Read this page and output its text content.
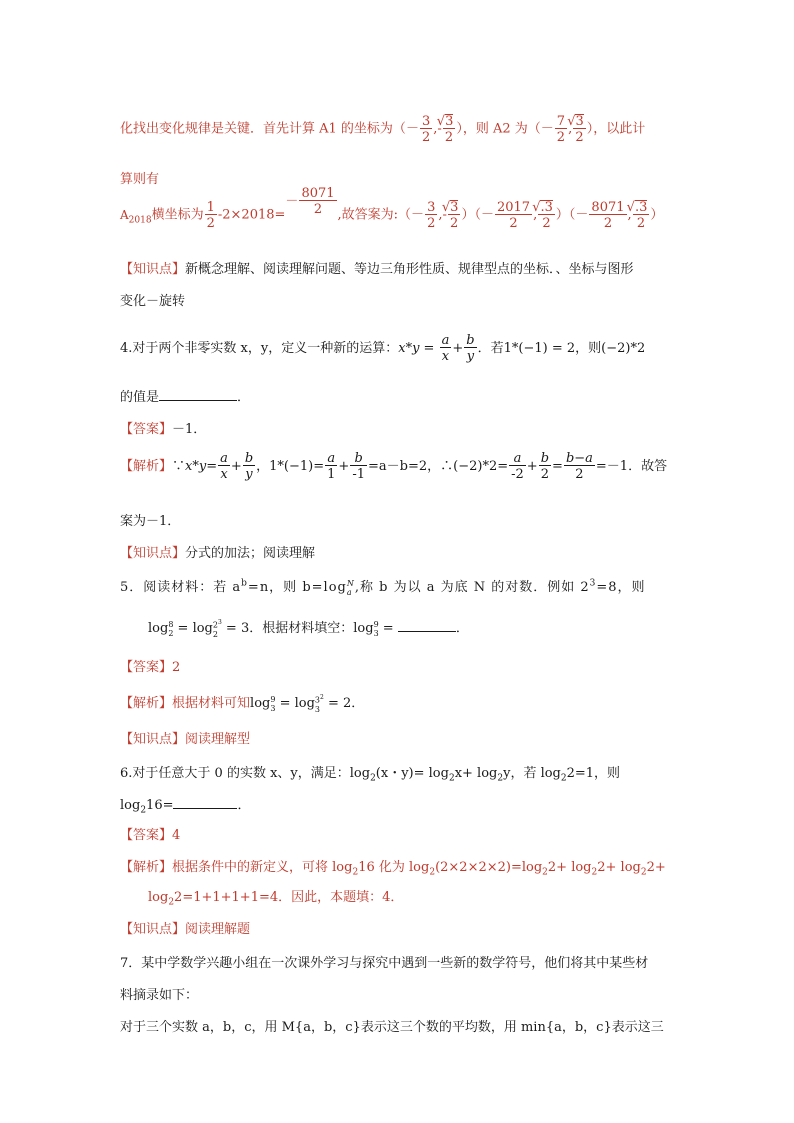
化找出变化规律是关键．首先计算 A1 的坐标为（－ $\frac{3}{2}$ ,- √ $\frac{3}{2}$ ），则 A2 为（－ $\frac{7}{2}$ , √ $\frac{3}{2}$ ），以此计
算则有
$A_{2018}$横坐标为 $\frac{1}{2} -2\times 2018=- \frac{8071}{2}$ ,故答案为:（－ $\frac{3}{2}$ ,- √ $\frac{3}{2}$ ）（－ $\frac{2017}{2}$ , √ $\frac{.3}{2}$ ）（－ $\frac{8071}{2}$ , √ $\frac{.3}{2}$ ）
【知识点】新概念理解、阅读理解问题、等边三角形性质、规律型点的坐标．、坐标与图形
变化－旋转
4.对于两个非零实数 x，y，定义一种新的运算：$x*y = \frac{a}{x} + \frac{b}{y}$ ．若1*(−1) = 2，则(−2)*2
的值是	．
【答案】－1．
【解析】∵x*y= $\frac{a}{x} + \frac{b}{y}$ ，$1*(-1)= \frac{a}{1} + \frac{b}{-1} =a-b=2$，∴(−2)*2= $\frac{a}{-2} + \frac{b}{2} = \frac{b-a}{2} =-1$．故答
案为－1．
【知识点】分式的加法；阅读理解
5．阅读材料：若 $a^b=n$，则 b=log N
a ,称 b 为以 a 为底 N 的对数．例如 $2^3=8$，则
log 8
$2 = \log 2^3$
2 = 3．根据材料填空：log 9
3 =	．
【答案】2
【解析】根据材料可知log 9
$3 = \log 3^2$
3 = 2．
【知识点】阅读理解型
6.对于任意大于 0 的实数 x、y，满足：$\log_2(x$・$y)= \log_2x+ \log_2y$，若 $\log_22=1$，则
$\log_216=$	．
【答案】4
【解析】根据条件中的新定义，可将 $\log_216$ 化为 $\log_2(2\times 2\times 2\times 2)=\log_22+ \log_22+ \log_22+$
$\log_22=1+1+1+1=4$．因此，本题填：4．
【知识点】阅读理解题
7．某中学数学兴趣小组在一次课外学习与探究中遇到一些新的数学符号，他们将其中某些材
料摘录如下：
对于三个实数 a，b，c，用 M{a，b，c}表示这三个数的平均数，用 min{a，b，c}表示这三
